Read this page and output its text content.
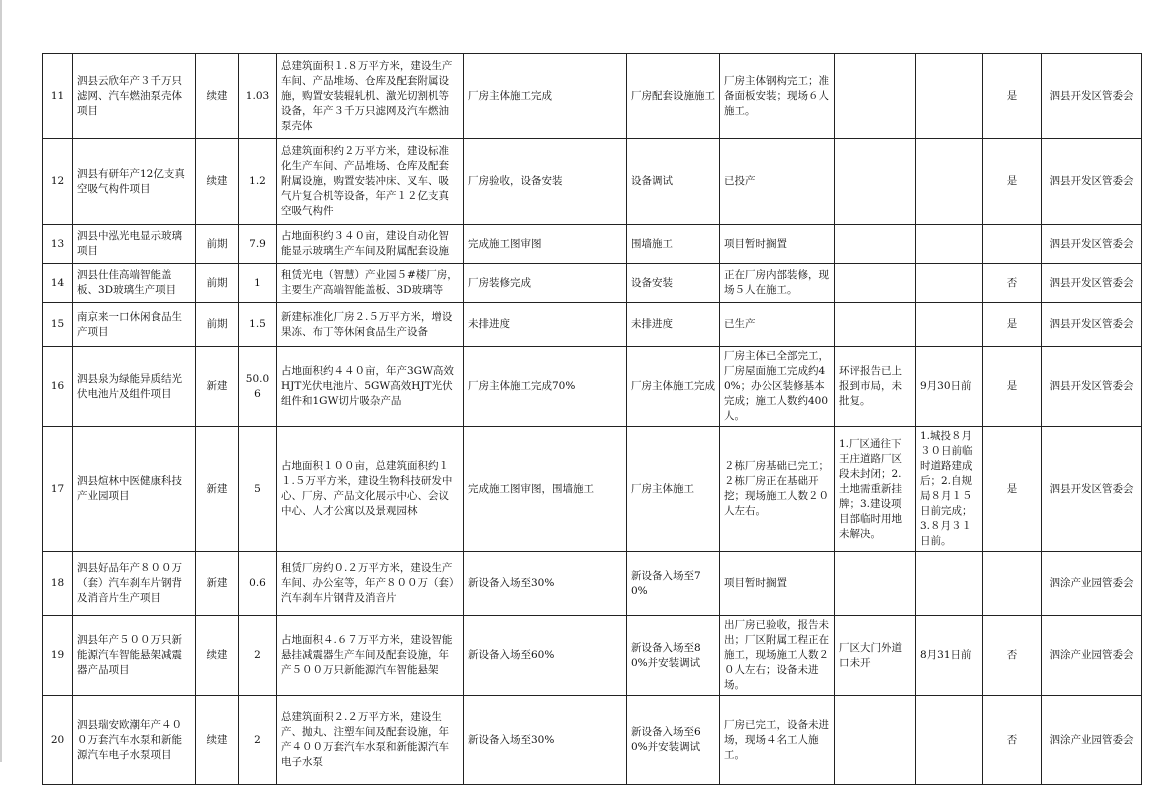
11	泗县云欣年产３千万只滤网、汽车燃油泵壳体项目	续建	1.03	总建筑面积１.８万平方米，建设生产车间、产品堆场、仓库及配套附属设施，购置安装辊轧机、激光切割机等设备，年产３千万只滤网及汽车燃油泵壳体	厂房主体施工完成	厂房配套设施施工	厂房主体钢构完工；准备面板安装；现场６人施工。			是	泗县开发区管委会
12	泗县有研年产12亿支真空吸气构件项目	续建	1.2	总建筑面积约２万平方米，建设标准化生产车间、产品堆场、仓库及配套附属设施，购置安装冲床、叉车、吸气片复合机等设备，年产１２亿支真空吸气构件	厂房验收，设备安装	设备调试	已投产			是	泗县开发区管委会
13	泗县中泓光电显示玻璃项目	前期	7.9	占地面积约３４０亩，建设自动化智能显示玻璃生产车间及附属配套设施	完成施工图审图	围墙施工	项目暂时搁置				泗县开发区管委会
14	泗县仕佳高端智能盖板、3D玻璃生产项目	前期	1	租赁光电（智慧）产业园５#楼厂房，主要生产高端智能盖板、3D玻璃等	厂房装修完成	设备安装	正在厂房内部装修，现场５人在施工。			否	泗县开发区管委会
15	南京来一口休闲食品生产项目	前期	1.5	新建标准化厂房２.５万平方米，增设果冻、布丁等休闲食品生产设备	未排进度	未排进度	已生产			是	泗县开发区管委会
16	泗县泉为绿能异质结光伏电池片及组件项目	新建	50.06	占地面积约４４０亩，年产3GW高效HJT光伏电池片、5GW高效HJT光伏组件和1GW切片吸杂产品	厂房主体施工完成70%	厂房主体施工完成	厂房主体已全部完工，厂房屋面施工完成约40%；办公区装修基本完成；施工人数约400人。	环评报告已上报到市局，未批复。	9月30日前	是	泗县开发区管委会
17	泗县煊林中医健康科技产业园项目	新建	5	占地面积１００亩，总建筑面积约１１.５万平方米，建设生物科技研发中心、厂房、产品文化展示中心、会议中心、人才公寓以及景观园林	完成施工图审图，围墙施工	厂房主体施工	２栋厂房基础已完工；２栋厂房正在基础开挖；现场施工人数２０人左右。	1.厂区通往下王庄道路厂区段未封闭；2.土地需重新挂牌；3.建设项目部临时用地未解决。	1.城投８月３０日前临时道路建成后；2.自规局８月１５日前完成；3.８月３１日前。	是	泗县开发区管委会
18	泗县好品年产８００万（套）汽车刹车片钢背及消音片生产项目	新建	0.6	租赁厂房约０.２万平方米，建设生产车间、办公室等，年产８００万（套）汽车刹车片钢背及消音片	新设备入场至30%	新设备入场至70%	项目暂时搁置				泗涂产业园管委会
19	泗县年产５００万只新能源汽车智能悬架减震器产品项目	续建	2	占地面积４.６７万平方米，建设智能悬挂减震器生产车间及配套设施，年产５００万只新能源汽车智能悬架	新设备入场至60%	新设备入场至80%并安装调试	出厂房已验收，报告未出；厂区附属工程正在施工，现场施工人数２０人左右；设备未进场。	厂区大门外道口未开	8月31日前	否	泗涂产业园管委会
20	泗县瑞安欧潮年产４００万套汽车水泵和新能源汽车电子水泵项目	续建	2	总建筑面积２.２万平方米，建设生产、抛丸、注塑车间及配套设施，年产４００万套汽车水泵和新能源汽车电子水泵	新设备入场至30%	新设备入场至60%并安装调试	厂房已完工，设备未进场，现场４名工人施工。			否	泗涂产业园管委会
